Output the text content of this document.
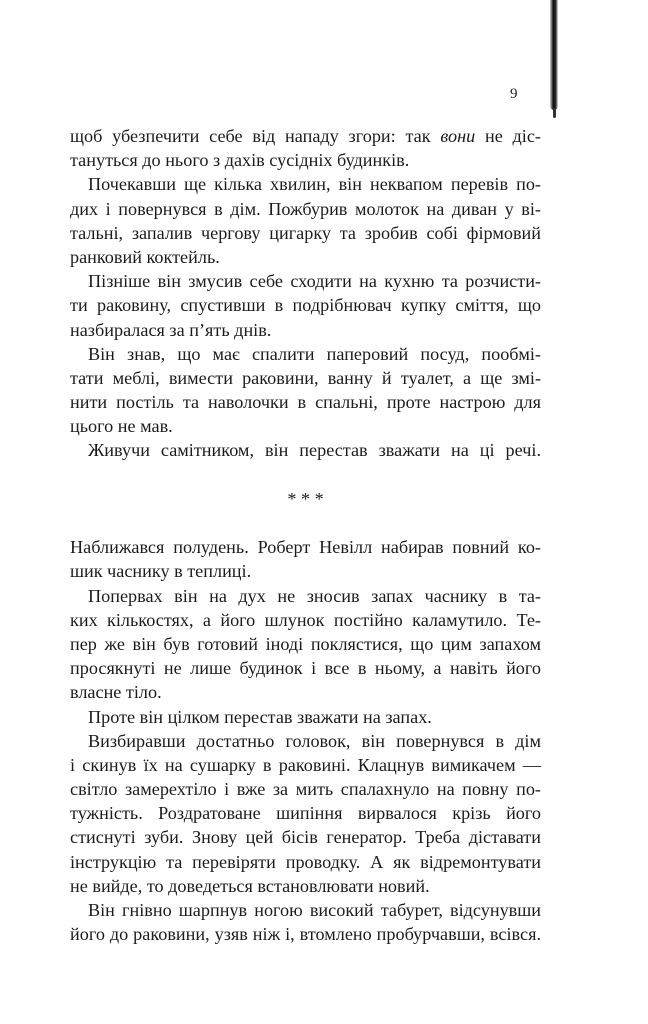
9
щоб убезпечити себе від нападу згори: так вони не діс-
тануться до нього з дахів сусідніх будинків.
Почекавши ще кілька хвилин, він неквапом перевів по-
дих і повернувся в дім. Пожбурив молоток на диван у ві-
тальні, запалив чергову цигарку та зробив собі фірмовий
ранковий коктейль.
Пізніше він змусив себе сходити на кухню та розчисти-
ти раковину, спустивши в подрібнювач купку сміття, що
назбиралася за п’ять днів.
Він знав, що має спалити паперовий посуд, пообмі-
тати меблі, вимести раковини, ванну й туалет, а ще змі-
нити постіль та наволочки в спальні, проте настрою для
цього не мав.
Живучи самітником, він перестав зважати на ці речі.
* * *
Наближався полудень. Роберт Невілл набирав повний ко-
шик часнику в теплиці.
Попервах він на дух не зносив запах часнику в та-
ких кількостях, а його шлунок постійно каламутило. Те-
пер же він був готовий іноді поклястися, що цим запахом
просякнуті не лише будинок і все в ньому, а навіть його
власне тіло.
Проте він цілком перестав зважати на запах.
Визбиравши достатньо головок, він повернувся в дім
і скинув їх на сушарку в раковині. Клацнув вимикачем —
світло замерехтіло і вже за мить спалахнуло на повну по-
тужність. Роздратоване шипіння вирвалося крізь його
стиснуті зуби. Знову цей бісів генератор. Треба діставати
інструкцію та перевіряти проводку. А як відремонтувати
не вийде, то доведеться встановлювати новий.
Він гнівно шарпнув ногою високий табурет, відсунувши
його до раковини, узяв ніж і, втомлено пробурчавши, всівся.
